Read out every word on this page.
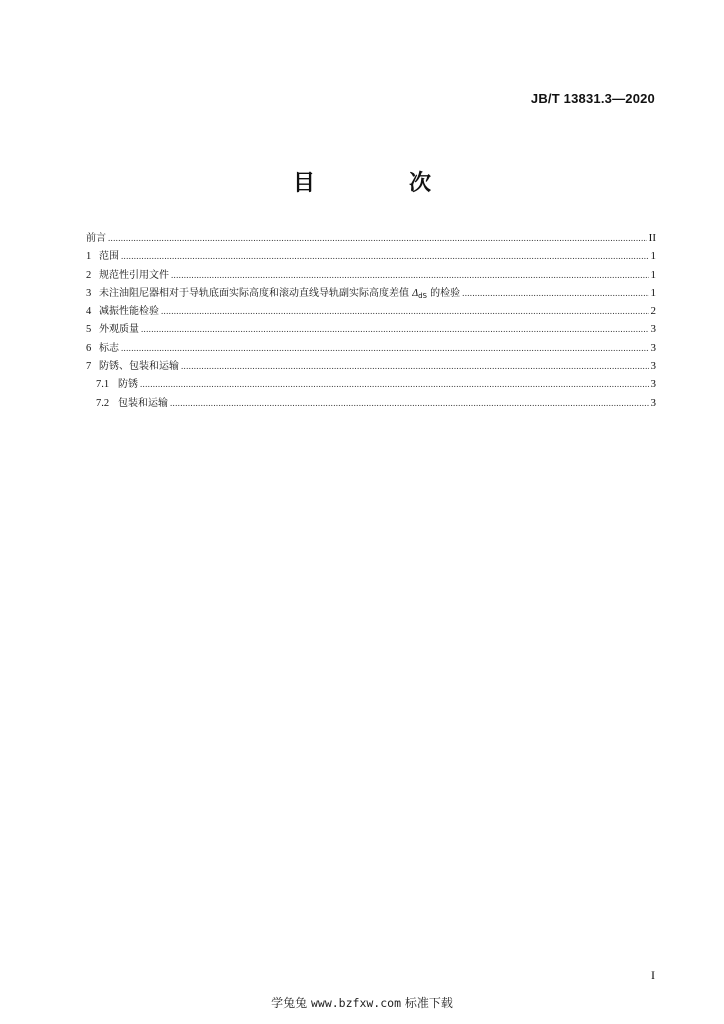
JB/T 13831.3—2020
目　次
前言 .....	II
1 范围 .....	1
2 规范性引用文件 .....	1
3 未注油阻尼器相对于导轨底面实际高度和滚动直线导轨副实际高度差值 $\Delta_{dS}$ 的检验 .....	1
4 减振性能检验 .....	2
5 外观质量 .....	3
6 标志 .....	3
7 防锈、包装和运输 .....	3
7.1 防锈 .....	3
7.2 包装和运输 .....	3
I
学兔兔 www.bzfxw.com 标准下载
